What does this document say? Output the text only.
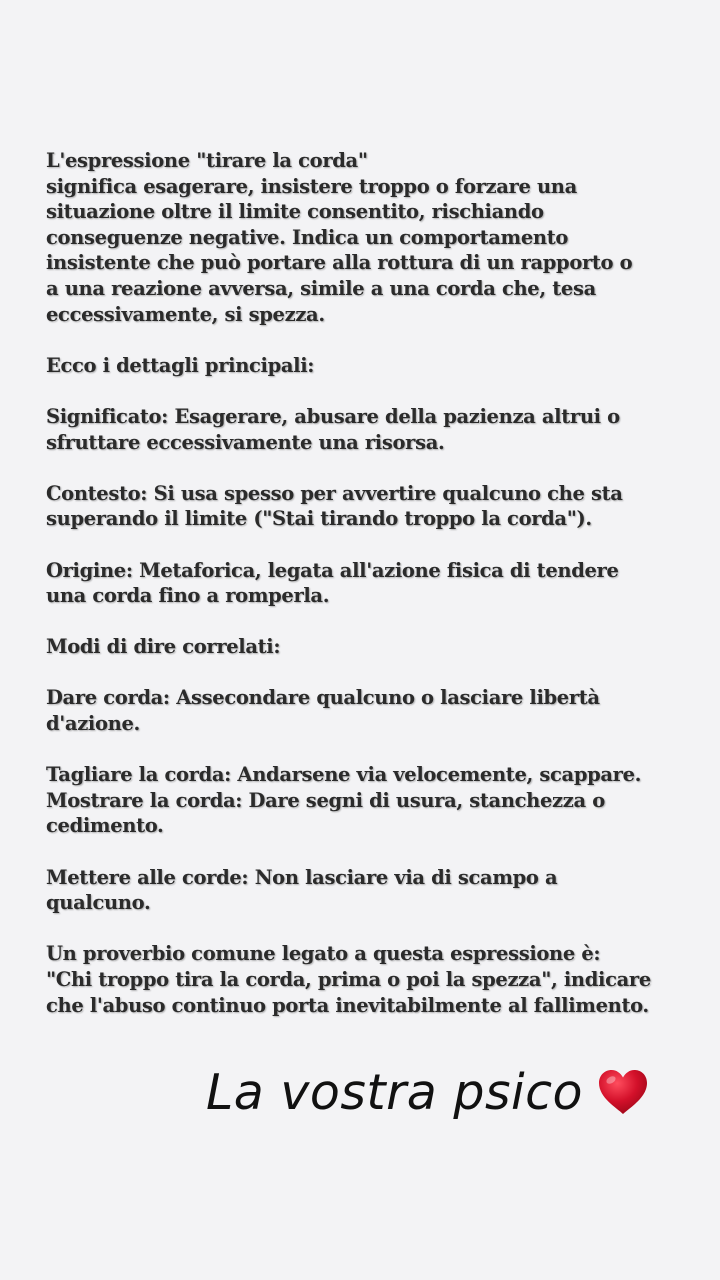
L'espressione "tirare la corda"
significa esagerare, insistere troppo o forzare una
situazione oltre il limite consentito, rischiando
conseguenze negative. Indica un comportamento
insistente che può portare alla rottura di un rapporto o
a una reazione avversa, simile a una corda che, tesa
eccessivamente, si spezza.
Ecco i dettagli principali:
Significato: Esagerare, abusare della pazienza altrui o
sfruttare eccessivamente una risorsa.
Contesto: Si usa spesso per avvertire qualcuno che sta
superando il limite ("Stai tirando troppo la corda").
Origine: Metaforica, legata all'azione fisica di tendere
una corda fino a romperla.
Modi di dire correlati:
Dare corda: Assecondare qualcuno o lasciare libertà
d'azione.
Tagliare la corda: Andarsene via velocemente, scappare.
Mostrare la corda: Dare segni di usura, stanchezza o
cedimento.
Mettere alle corde: Non lasciare via di scampo a
qualcuno.
Un proverbio comune legato a questa espressione è:
"Chi troppo tira la corda, prima o poi la spezza", indicare
che l'abuso continuo porta inevitabilmente al fallimento.
La vostra psico
